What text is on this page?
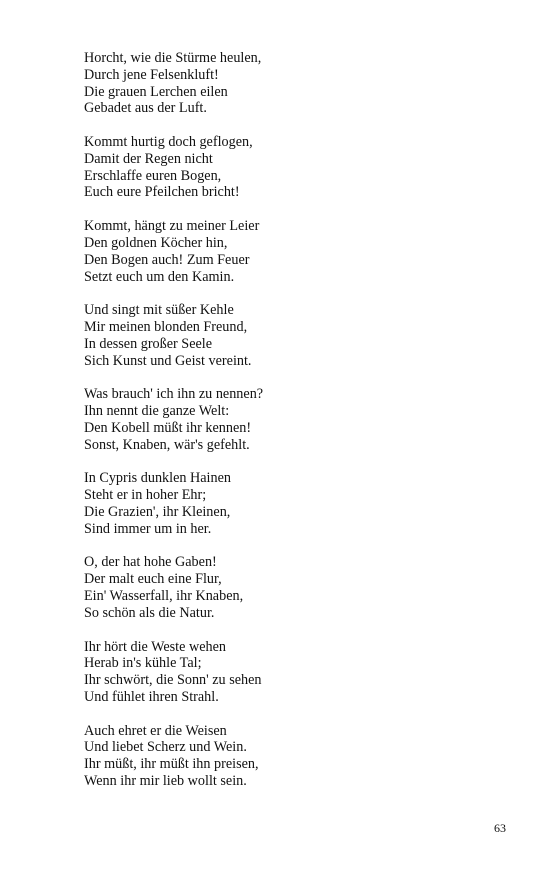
Horcht, wie die Stürme heulen,
Durch jene Felsenkluft!
Die grauen Lerchen eilen
Gebadet aus der Luft.
Kommt hurtig doch geflogen,
Damit der Regen nicht
Erschlaffe euren Bogen,
Euch eure Pfeilchen bricht!
Kommt, hängt zu meiner Leier
Den goldnen Köcher hin,
Den Bogen auch! Zum Feuer
Setzt euch um den Kamin.
Und singt mit süßer Kehle
Mir meinen blonden Freund,
In dessen großer Seele
Sich Kunst und Geist vereint.
Was brauch' ich ihn zu nennen?
Ihn nennt die ganze Welt:
Den Kobell müßt ihr kennen!
Sonst, Knaben, wär's gefehlt.
In Cypris dunklen Hainen
Steht er in hoher Ehr;
Die Grazien', ihr Kleinen,
Sind immer um in her.
O, der hat hohe Gaben!
Der malt euch eine Flur,
Ein' Wasserfall, ihr Knaben,
So schön als die Natur.
Ihr hört die Weste wehen
Herab in's kühle Tal;
Ihr schwört, die Sonn' zu sehen
Und fühlet ihren Strahl.
Auch ehret er die Weisen
Und liebet Scherz und Wein.
Ihr müßt, ihr müßt ihn preisen,
Wenn ihr mir lieb wollt sein.
63
